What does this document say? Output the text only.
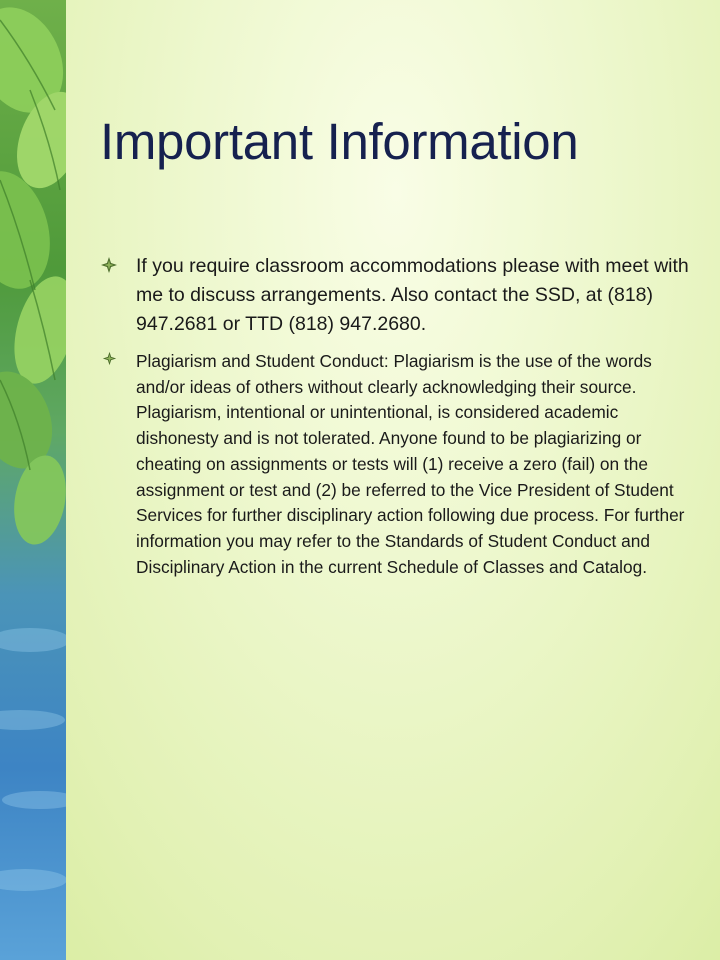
Important Information
If you require classroom accommodations please with meet with me to discuss arrangements. Also contact the SSD, at (818) 947.2681 or TTD (818) 947.2680.
Plagiarism and Student Conduct: Plagiarism is the use of the words and/or ideas of others without clearly acknowledging their source. Plagiarism, intentional or unintentional, is considered academic dishonesty and is not tolerated. Anyone found to be plagiarizing or cheating on assignments or tests will (1) receive a zero (fail) on the assignment or test and (2) be referred to the Vice President of Student Services for further disciplinary action following due process. For further information you may refer to the Standards of Student Conduct and Disciplinary Action in the current Schedule of Classes and Catalog.
